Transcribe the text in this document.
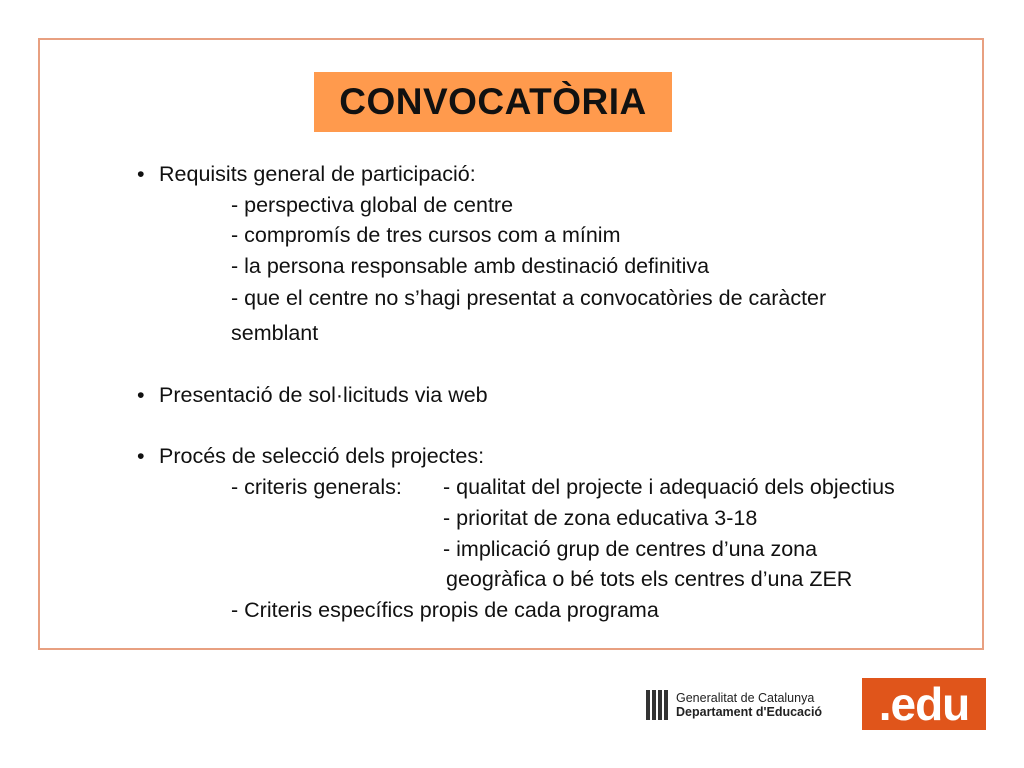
CONVOCATÒRIA
• Requisits general de participació:
- perspectiva global de centre
- compromís de tres cursos com a mínim
- la persona responsable amb destinació definitiva
- que el centre no s’hagi presentat a convocatòries de caràcter
semblant
• Presentació de sol·licituds via web
• Procés de selecció dels projectes:
- criteris generals: - qualitat del projecte i adequació dels objectius
- prioritat de zona educativa 3-18
- implicació grup de centres d’una zona
geogràfica o bé tots els centres d’una ZER
- Criteris específics propis de cada programa
Generalitat de Catalunya
Departament d'Educació	.edu
